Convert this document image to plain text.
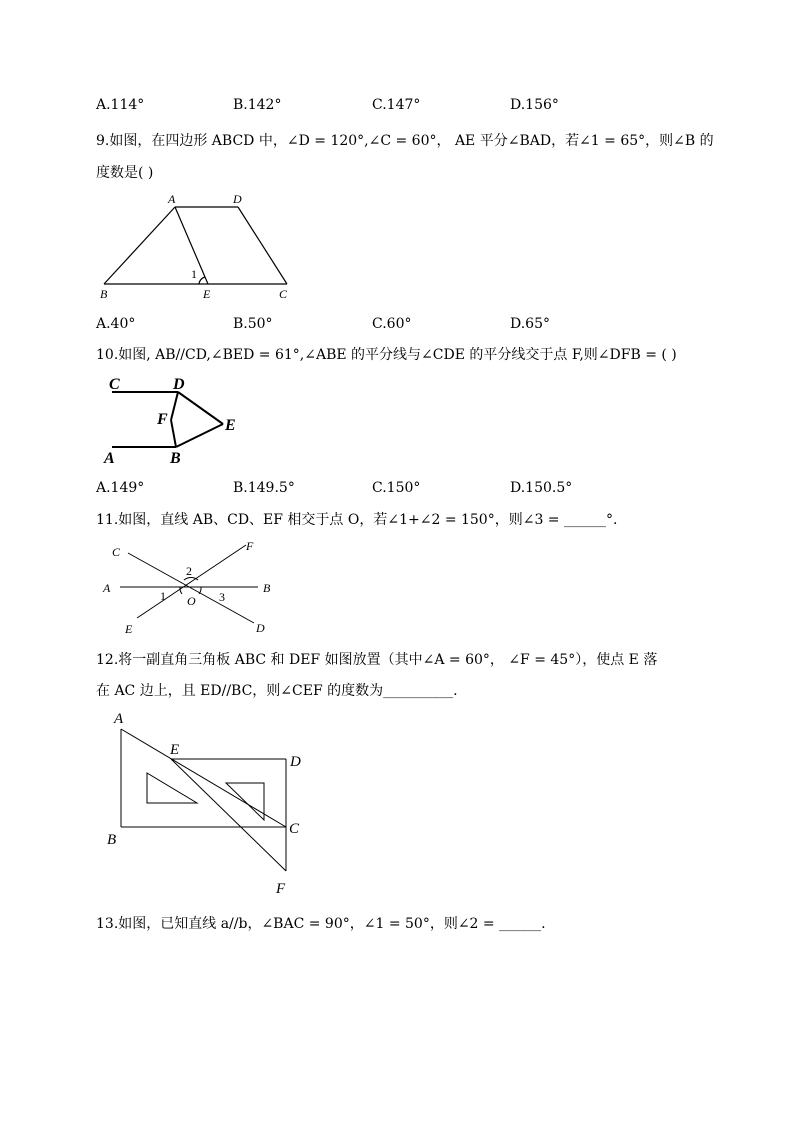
A.114°	B.142°	C.147°	D.156°
9.如图，在四边形 ABCD 中，∠D = 120°,∠C = 60°， AE 平分∠BAD，若∠1 = 65°，则∠B 的
度数是( )
A	D
B	E	C
1
A.40°	B.50°	C.60°	D.65°
10.如图, AB//CD,∠BED = 61°,∠ABE 的平分线与∠CDE 的平分线交于点 F,则∠DFB = ( )
C	D
F	E
A	B
A.149°	B.149.5°	C.150°	D.150.5°
11.如图，直线 AB、CD、EF 相交于点 O，若∠1+∠2 = 150°，则∠3 = ______°.
C	F
A	B
E	D
O
1
2
3
12.将一副直角三角板 ABC 和 DEF 如图放置（其中∠A = 60°， ∠F = 45°），使点 E 落
在 AC 边上，且 ED//BC，则∠CEF 的度数为__________.
A
E
D
B
C
F
13.如图，已知直线 a//b，∠BAC = 90°，∠1 = 50°，则∠2 = ______.
